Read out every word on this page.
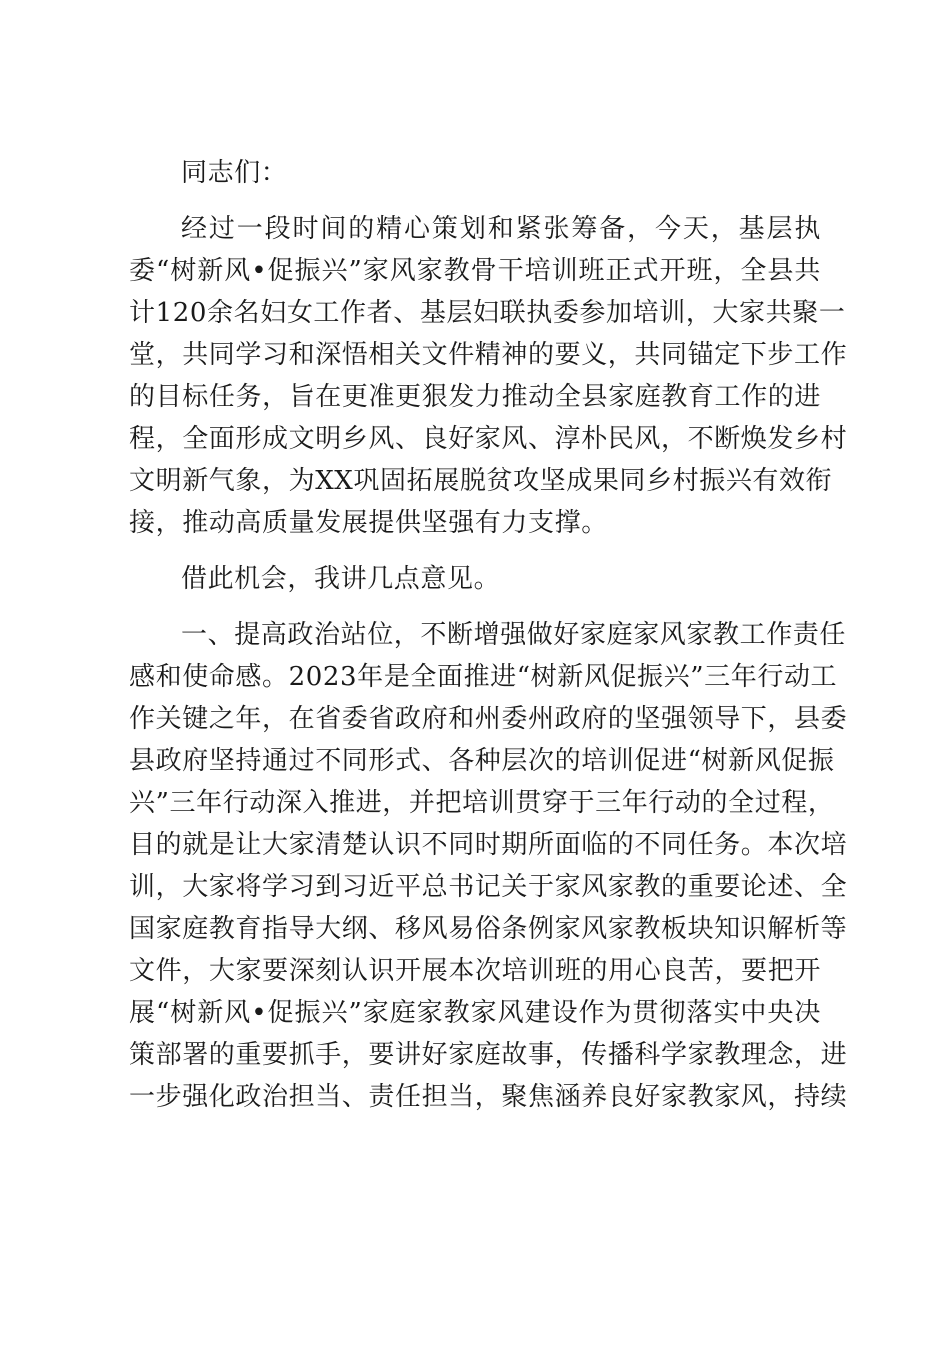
同志们：
经过一段时间的精心策划和紧张筹备，今天，基层执
委“树新风•促振兴”家风家教骨干培训班正式开班，全县共
计120余名妇女工作者、基层妇联执委参加培训，大家共聚一
堂，共同学习和深悟相关文件精神的要义，共同锚定下步工作
的目标任务，旨在更准更狠发力推动全县家庭教育工作的进
程，全面形成文明乡风、良好家风、淳朴民风，不断焕发乡村
文明新气象，为XX巩固拓展脱贫攻坚成果同乡村振兴有效衔
接，推动高质量发展提供坚强有力支撑。
借此机会，我讲几点意见。
一、提高政治站位，不断增强做好家庭家风家教工作责任
感和使命感。2023年是全面推进“树新风促振兴”三年行动工
作关键之年，在省委省政府和州委州政府的坚强领导下，县委
县政府坚持通过不同形式、各种层次的培训促进“树新风促振
兴”三年行动深入推进，并把培训贯穿于三年行动的全过程，
目的就是让大家清楚认识不同时期所面临的不同任务。本次培
训，大家将学习到习近平总书记关于家风家教的重要论述、全
国家庭教育指导大纲、移风易俗条例家风家教板块知识解析等
文件，大家要深刻认识开展本次培训班的用心良苦，要把开
展“树新风•促振兴”家庭家教家风建设作为贯彻落实中央决
策部署的重要抓手，要讲好家庭故事，传播科学家教理念，进
一步强化政治担当、责任担当，聚焦涵养良好家教家风，持续
